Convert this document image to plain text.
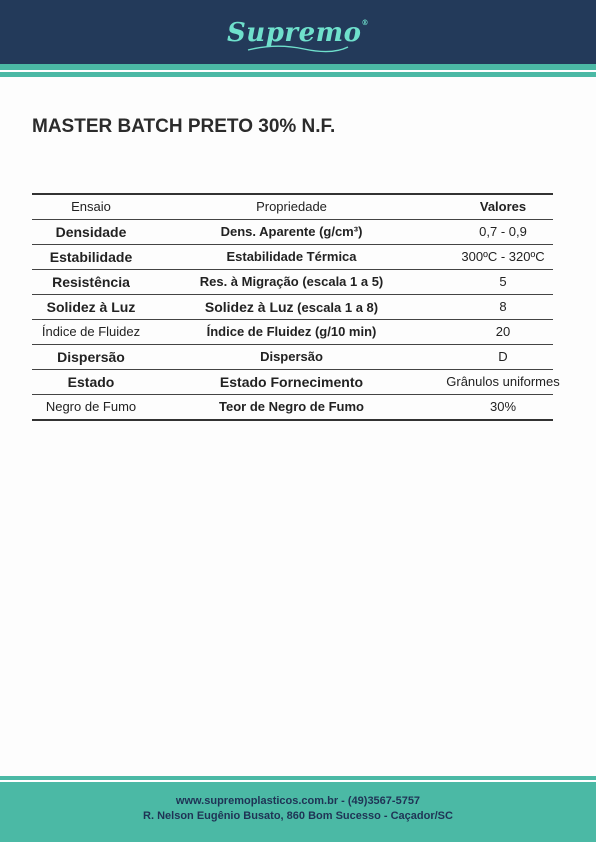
Supremo®
MASTER BATCH PRETO 30% N.F.
Ensaio	Propriedade	Valores
Densidade	Dens. Aparente (g/cm³)	0,7 - 0,9
Estabilidade	Estabilidade Térmica	300ºC - 320ºC
Resistência	Res. à Migração (escala 1 a 5)	5
Solidez à Luz	Solidez à Luz (escala 1 a 8)	8
Índice de Fluidez	Índice de Fluidez (g/10 min)	20
Dispersão	Dispersão	D
Estado	Estado Fornecimento	Grânulos uniformes
Negro de Fumo	Teor de Negro de Fumo	30%
www.supremoplasticos.com.br - (49)3567-5757
R. Nelson Eugênio Busato, 860 Bom Sucesso - Caçador/SC
